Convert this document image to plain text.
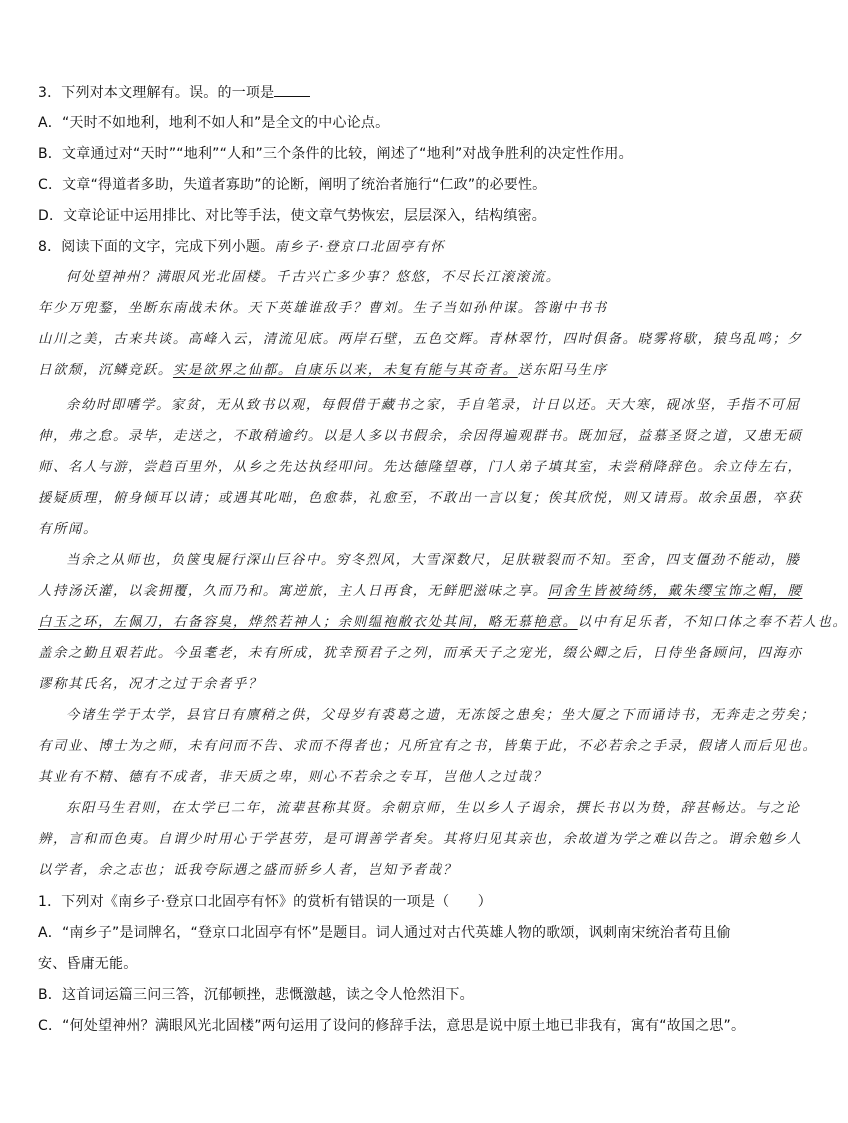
3．下列对本文理解有。误。的一项是
A．“天时不如地利，地利不如人和”是全文的中心论点。
B．文章通过对“天时”“地利”“人和”三个条件的比较，阐述了“地利”对战争胜利的决定性作用。
C．文章“得道者多助，失道者寡助”的论断，阐明了统治者施行“仁政”的必要性。
D．文章论证中运用排比、对比等手法，使文章气势恢宏，层层深入，结构缜密。
8．阅读下面的文字，完成下列小题。南乡子·登京口北固亭有怀
何处望神州？满眼风光北固楼。千古兴亡多少事？悠悠，不尽长江滚滚流。
年少万兜鍪，坐断东南战未休。天下英雄谁敌手？曹刘。生子当如孙仲谋。答谢中书书
山川之美，古来共谈。高峰入云，清流见底。两岸石壁，五色交辉。青林翠竹，四时俱备。晓雾将歇，猿鸟乱鸣；夕
日欲颓，沉鳞竞跃。实是欲界之仙都。自康乐以来，未复有能与其奇者。送东阳马生序
余幼时即嗜学。家贫，无从致书以观，每假借于藏书之家，手自笔录，计日以还。天大寒，砚冰坚，手指不可屈
伸，弗之怠。录毕，走送之，不敢稍逾约。以是人多以书假余，余因得遍观群书。既加冠，益慕圣贤之道，又患无硕
师、名人与游，尝趋百里外，从乡之先达执经叩问。先达德隆望尊，门人弟子填其室，未尝稍降辞色。余立侍左右，
援疑质理，俯身倾耳以请；或遇其叱咄，色愈恭，礼愈至，不敢出一言以复；俟其欣悦，则又请焉。故余虽愚，卒获
有所闻。
当余之从师也，负箧曳屣行深山巨谷中。穷冬烈风，大雪深数尺，足肤皲裂而不知。至舍，四支僵劲不能动，媵
人持汤沃灌，以衾拥覆，久而乃和。寓逆旅，主人日再食，无鲜肥滋味之享。同舍生皆被绮绣，戴朱缨宝饰之帽，腰
白玉之环，左佩刀，右备容臭，烨然若神人；余则缊袍敝衣处其间，略无慕艳意。以中有足乐者，不知口体之奉不若人也。
盖余之勤且艰若此。今虽耄老，未有所成，犹幸预君子之列，而承天子之宠光，缀公卿之后，日侍坐备顾问，四海亦
谬称其氏名，况才之过于余者乎？
今诸生学于太学，县官日有廪稍之供，父母岁有裘葛之遗，无冻馁之患矣；坐大厦之下而诵诗书，无奔走之劳矣；
有司业、博士为之师，未有问而不告、求而不得者也；凡所宜有之书，皆集于此，不必若余之手录，假诸人而后见也。
其业有不精、德有不成者，非天质之卑，则心不若余之专耳，岂他人之过哉？
东阳马生君则，在太学已二年，流辈甚称其贤。余朝京师，生以乡人子谒余，撰长书以为贽，辞甚畅达。与之论
辨，言和而色夷。自谓少时用心于学甚劳，是可谓善学者矣。其将归见其亲也，余故道为学之难以告之。谓余勉乡人
以学者，余之志也；诋我夸际遇之盛而骄乡人者，岂知予者哉？
1．下列对《南乡子·登京口北固亭有怀》的赏析有错误的一项是（　　）
A．“南乡子”是词牌名，“登京口北固亭有怀”是题目。词人通过对古代英雄人物的歌颂，讽刺南宋统治者苟且偷
安、昏庸无能。
B．这首词运篇三问三答，沉郁顿挫，悲慨激越，读之令人怆然泪下。
C．“何处望神州？满眼风光北固楼”两句运用了设问的修辞手法，意思是说中原土地已非我有，寓有“故国之思”。
